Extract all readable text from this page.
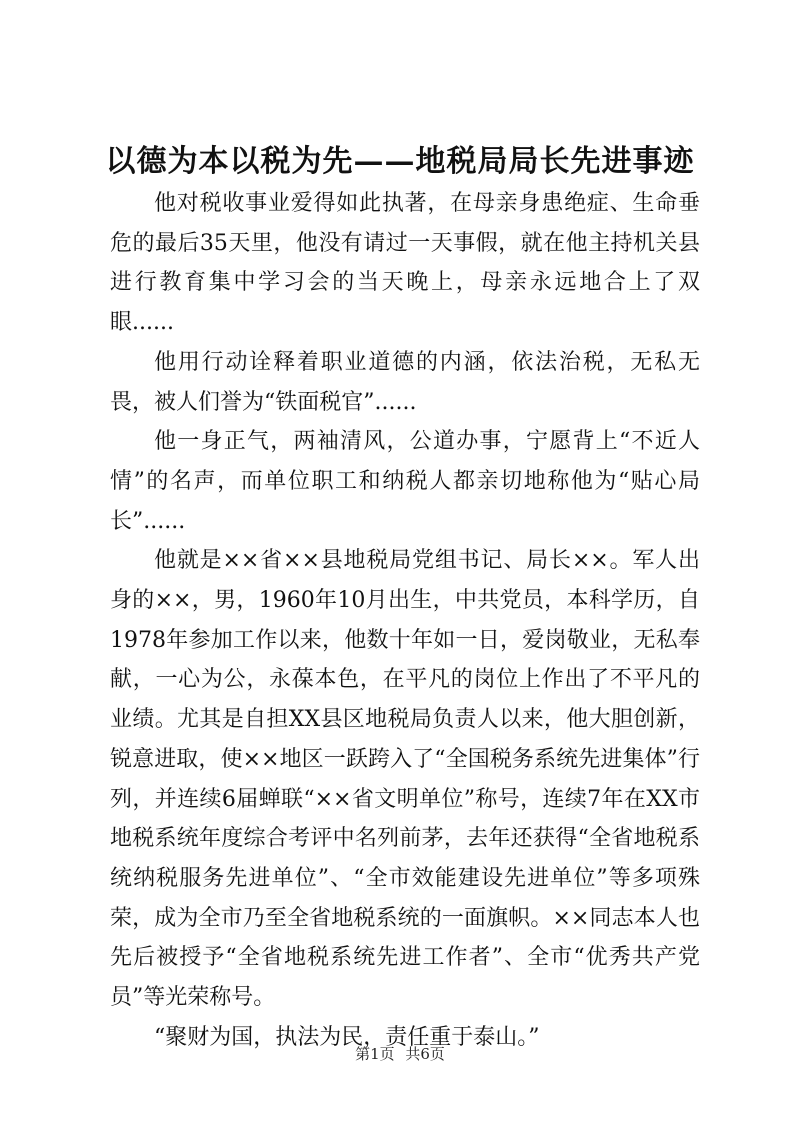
以德为本以税为先——地税局局长先进事迹

他对税收事业爱得如此执著，在母亲身患绝症、生命垂危的最后35天里，他没有请过一天事假，就在他主持机关县进行教育集中学习会的当天晚上，母亲永远地合上了双眼......

他用行动诠释着职业道德的内涵，依法治税，无私无畏，被人们誉为“铁面税官”......

他一身正气，两袖清风，公道办事，宁愿背上“不近人情”的名声，而单位职工和纳税人都亲切地称他为“贴心局长”......

他就是××省××县地税局党组书记、局长××。军人出身的××，男，1960年10月出生，中共党员，本科学历，自1978年参加工作以来，他数十年如一日，爱岗敬业，无私奉献，一心为公，永葆本色，在平凡的岗位上作出了不平凡的业绩。尤其是自担XX县区地税局负责人以来，他大胆创新，锐意进取，使××地区一跃跨入了“全国税务系统先进集体”行列，并连续6届蝉联“××省文明单位”称号，连续7年在XX市地税系统年度综合考评中名列前茅，去年还获得“全省地税系统纳税服务先进单位”、“全市效能建设先进单位”等多项殊荣，成为全市乃至全省地税系统的一面旗帜。××同志本人也先后被授予“全省地税系统先进工作者”、全市“优秀共产党员”等光荣称号。

“聚财为国，执法为民，责任重于泰山。”

第1页 共6页
